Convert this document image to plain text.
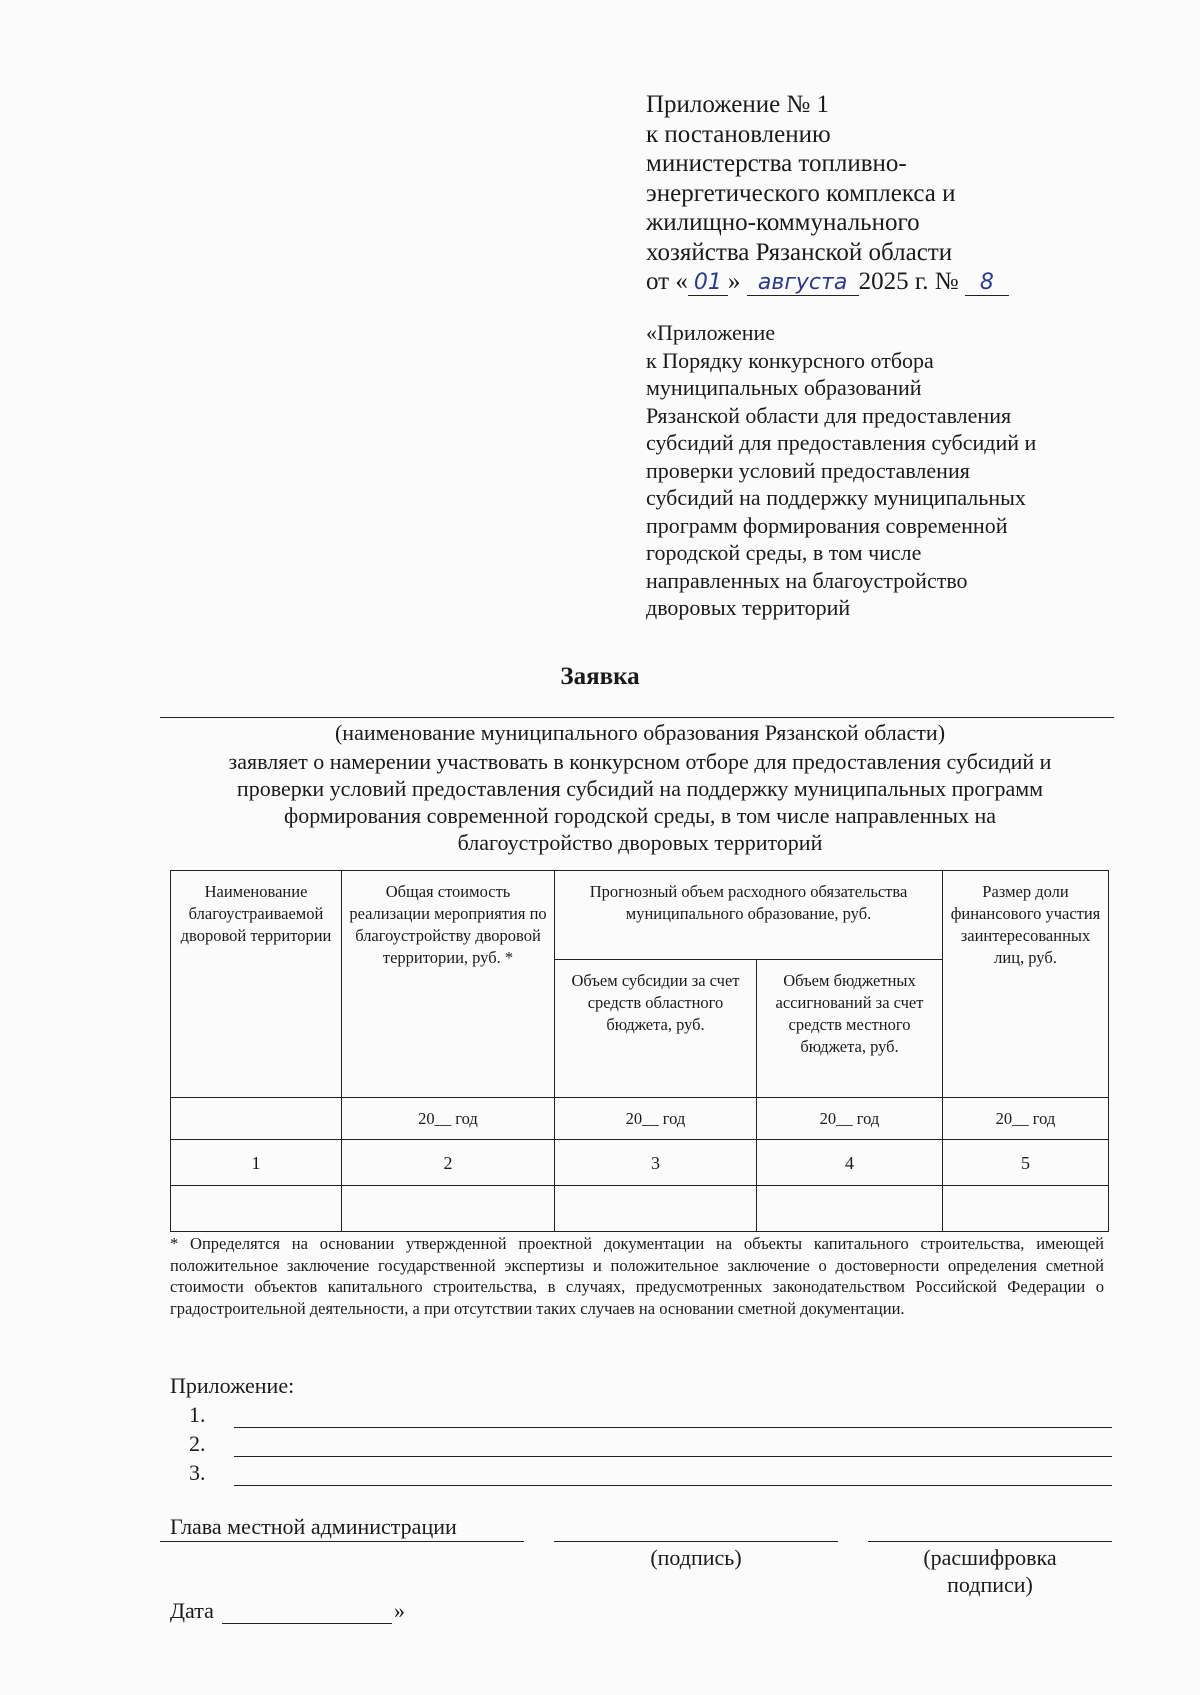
Приложение № 1
к постановлению
министерства топливно-
энергетического комплекса и
жилищно-коммунального
хозяйства Рязанской области
от « 01 » августа 2025 г. № 8
«Приложение
к Порядку конкурсного отбора
муниципальных образований
Рязанской области для предоставления
субсидий для предоставления субсидий и
проверки условий предоставления
субсидий на поддержку муниципальных
программ формирования современной
городской среды, в том числе
направленных на благоустройство
дворовых территорий
Заявка
(наименование муниципального образования Рязанской области)
заявляет о намерении участвовать в конкурсном отборе для предоставления субсидий и
проверки условий предоставления субсидий на поддержку муниципальных программ
формирования современной городской среды, в том числе направленных на
благоустройство дворовых территорий
Наименование благоустраиваемой дворовой территории	Общая стоимость реализации мероприятия по благоустройству дворовой территории, руб. *	Прогнозный объем расходного обязательства муниципального образование, руб.		Размер доли финансового участия заинтересованных лиц, руб.
		Объем субсидии за счет средств областного бюджета, руб.	Объем бюджетных ассигнований за счет средств местного бюджета, руб.	
	20__ год	20__ год	20__ год	20__ год
1	2	3	4	5

* Определятся на основании утвержденной проектной документации на объекты капитального строительства, имеющей положительное заключение государственной экспертизы и положительное заключение о достоверности определения сметной стоимости объектов капитального строительства, в случаях, предусмотренных законодательством Российской Федерации о градостроительной деятельности, а при отсутствии таких случаев на основании сметной документации.
Приложение:
1.
2.
3.
Глава местной администрации
(подпись)	(расшифровка
подписи)
Дата	»
